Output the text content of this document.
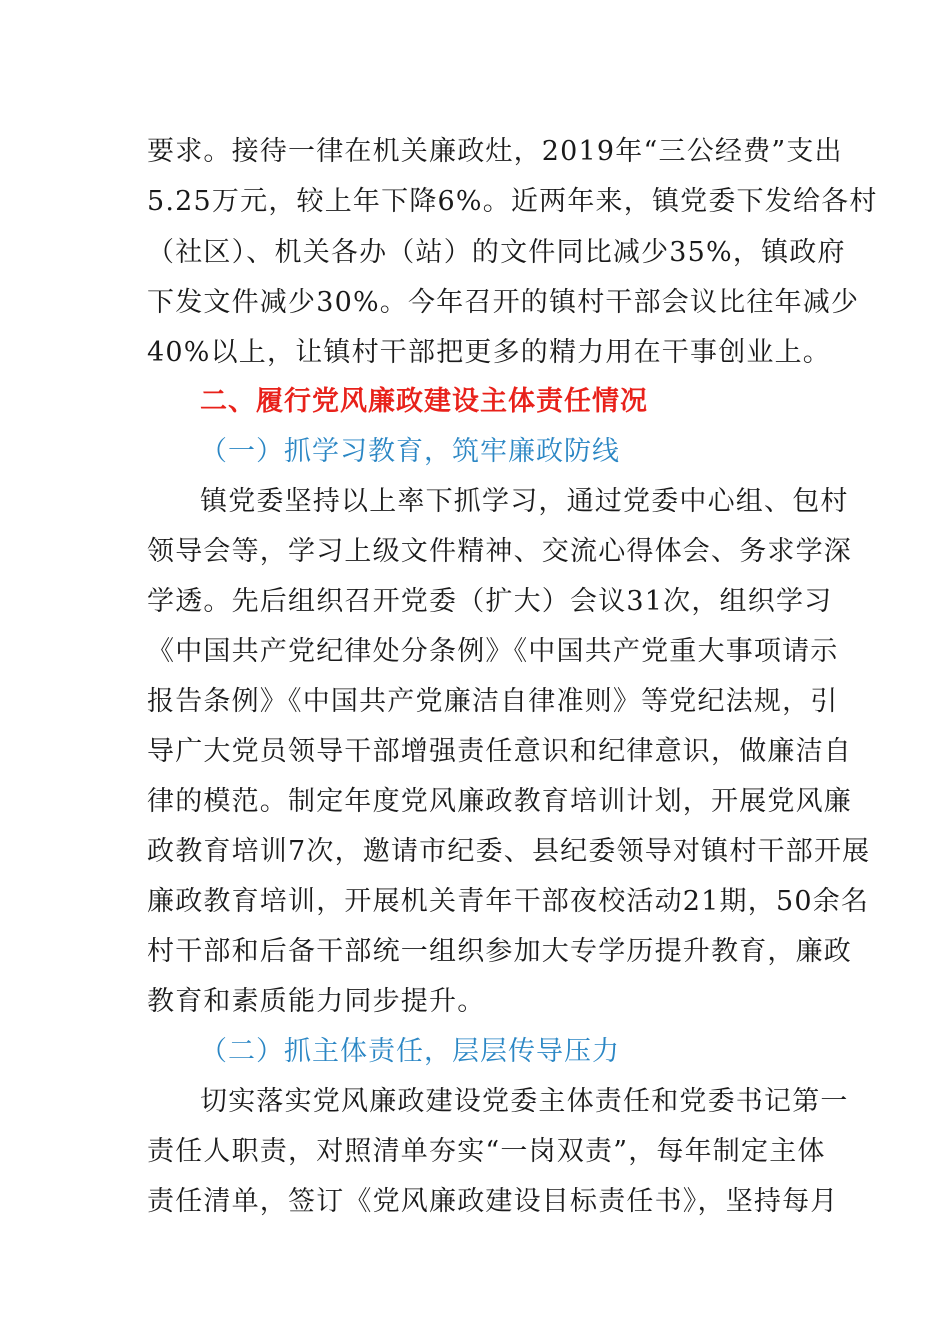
要求。接待一律在机关廉政灶，2019年“三公经费”支出
5.25万元，较上年下降6%。近两年来，镇党委下发给各村
（社区）、机关各办（站）的文件同比减少35%，镇政府
下发文件减少30%。今年召开的镇村干部会议比往年减少
40%以上，让镇村干部把更多的精力用在干事创业上。
二、履行党风廉政建设主体责任情况
（一）抓学习教育，筑牢廉政防线
镇党委坚持以上率下抓学习，通过党委中心组、包村
领导会等，学习上级文件精神、交流心得体会、务求学深
学透。先后组织召开党委（扩大）会议31次，组织学习
《中国共产党纪律处分条例》《中国共产党重大事项请示
报告条例》《中国共产党廉洁自律准则》等党纪法规，引
导广大党员领导干部增强责任意识和纪律意识，做廉洁自
律的模范。制定年度党风廉政教育培训计划，开展党风廉
政教育培训7次，邀请市纪委、县纪委领导对镇村干部开展
廉政教育培训，开展机关青年干部夜校活动21期，50余名
村干部和后备干部统一组织参加大专学历提升教育，廉政
教育和素质能力同步提升。
（二）抓主体责任，层层传导压力
切实落实党风廉政建设党委主体责任和党委书记第一
责任人职责，对照清单夯实“一岗双责”，每年制定主体
责任清单，签订《党风廉政建设目标责任书》，坚持每月
